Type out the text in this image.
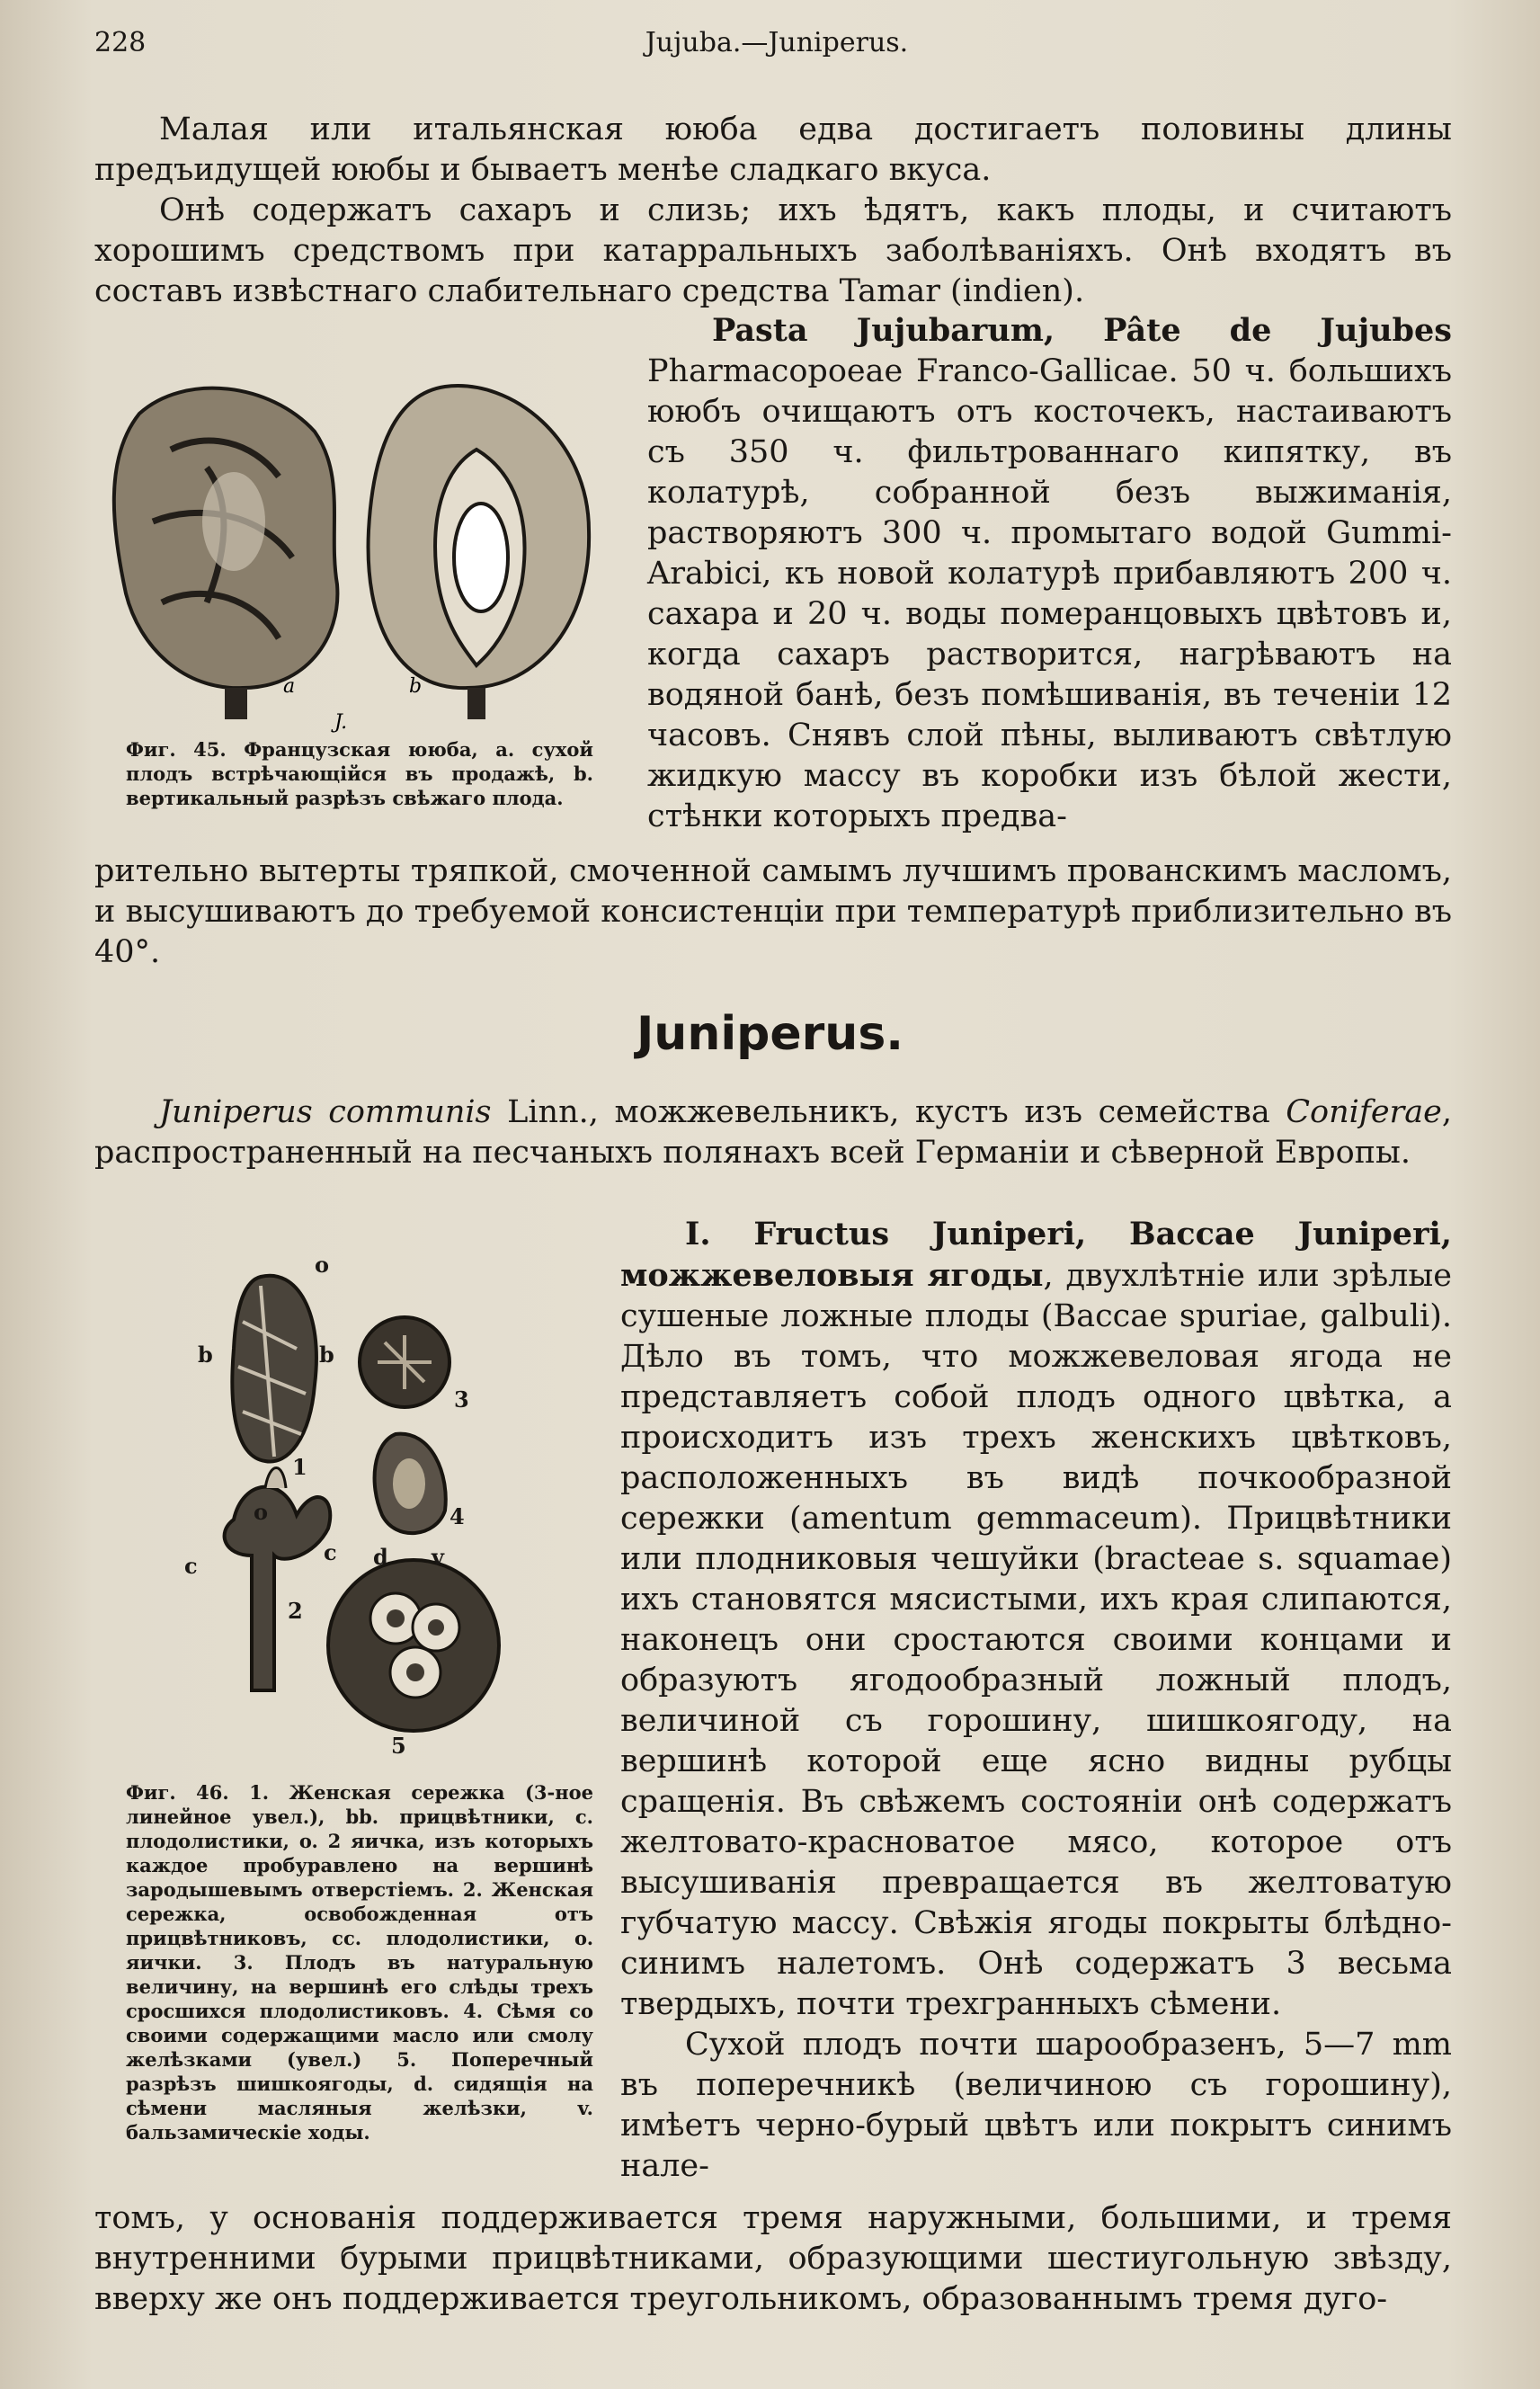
228	Jujuba.—Juniperus.

Малая или итальянская ююба едва достигаетъ половины длины предъидущей ююбы и бываетъ менѣе сладкаго вкуса.

Онѣ содержатъ сахаръ и слизь; ихъ ѣдятъ, какъ плоды, и считаютъ хорошимъ средствомъ при катарральныхъ заболѣваніяхъ. Онѣ входятъ въ составъ извѣстнаго слабительнаго средства Tamar (indien).

a	b
J.
Фиг. 45. Французская ююба, a. сухой плодъ встрѣчающійся въ продажѣ, b. вертикальный разрѣзъ свѣжаго плода.

Pasta Jujubarum, Pâte de Jujubes Pharmacopoeae Franco-Gallicae. 50 ч. большихъ ююбъ очищаютъ отъ косточекъ, настаиваютъ съ 350 ч. фильтрованнаго кипятку, въ колатурѣ, собранной безъ выжиманія, растворяютъ 300 ч. промытаго водой Gummi-Arabici, къ новой колатурѣ прибавляютъ 200 ч. сахара и 20 ч. воды померанцовыхъ цвѣтовъ и, когда сахаръ растворится, нагрѣваютъ на водяной банѣ, безъ помѣшиванія, въ теченіи 12 часовъ. Снявъ слой пѣны, выливаютъ свѣтлую жидкую массу въ коробки изъ бѣлой жести, стѣнки которыхъ предва-

рительно вытерты тряпкой, смоченной самымъ лучшимъ прованскимъ масломъ, и высушиваютъ до требуемой консистенціи при температурѣ приблизительно въ 40°.
Juniperus.

Juniperus communis Linn., можжевельникъ, кустъ изъ семейства Coniferae, распространенный на песчаныхъ полянахъ всей Германіи и сѣверной Европы.

o
b	b
1
3
4
o
c
c
2
d v
5
Фиг. 46. 1. Женская сережка (3-ное линейное увел.), bb. прицвѣтники, c. плодолистики, o. 2 яичка, изъ которыхъ каждое пробуравлено на вершинѣ зародышевымъ отверстіемъ. 2. Женская сережка, освобожденная отъ прицвѣтниковъ, cc. плодолистики, o. яички. 3. Плодъ въ натуральную величину, на вершинѣ его слѣды трехъ сросшихся плодолистиковъ. 4. Сѣмя со своими содержащими масло или смолу желѣзками (увел.) 5. Поперечный разрѣзъ шишкоягоды, d. сидящія на сѣмени масляныя желѣзки, v. бальзамическіе ходы.

I. Fructus Juniperi, Baccae Juniperi, можжевеловыя ягоды, двухлѣтніе или зрѣлые сушеные ложные плоды (Baccae spuriae, galbuli). Дѣло въ томъ, что можжевеловая ягода не представляетъ собой плодъ одного цвѣтка, а происходитъ изъ трехъ женскихъ цвѣтковъ, расположенныхъ въ видѣ почкообразной сережки (amentum gemmaceum). Прицвѣтники или плодниковыя чешуйки (bracteae s. squamae) ихъ становятся мясистыми, ихъ края слипаются, наконецъ они сростаются своими концами и образуютъ ягодообразный ложный плодъ, величиной съ горошину, шишкоягоду, на вершинѣ которой еще ясно видны рубцы сращенія. Въ свѣжемъ состояніи онѣ содержатъ желтовато-красноватое мясо, которое отъ высушиванія превращается въ желтоватую губчатую массу. Свѣжія ягоды покрыты блѣдно-синимъ налетомъ. Онѣ содержатъ 3 весьма твердыхъ, почти трехгранныхъ сѣмени.

Сухой плодъ почти шарообразенъ, 5—7 mm въ поперечникѣ (величиною съ горошину), имѣетъ черно-бурый цвѣтъ или покрытъ синимъ нале-

томъ, у основанія поддерживается тремя наружными, большими, и тремя внутренними бурыми прицвѣтниками, образующими шестиугольную звѣзду, вверху же онъ поддерживается треугольникомъ, образованнымъ тремя дуго-
